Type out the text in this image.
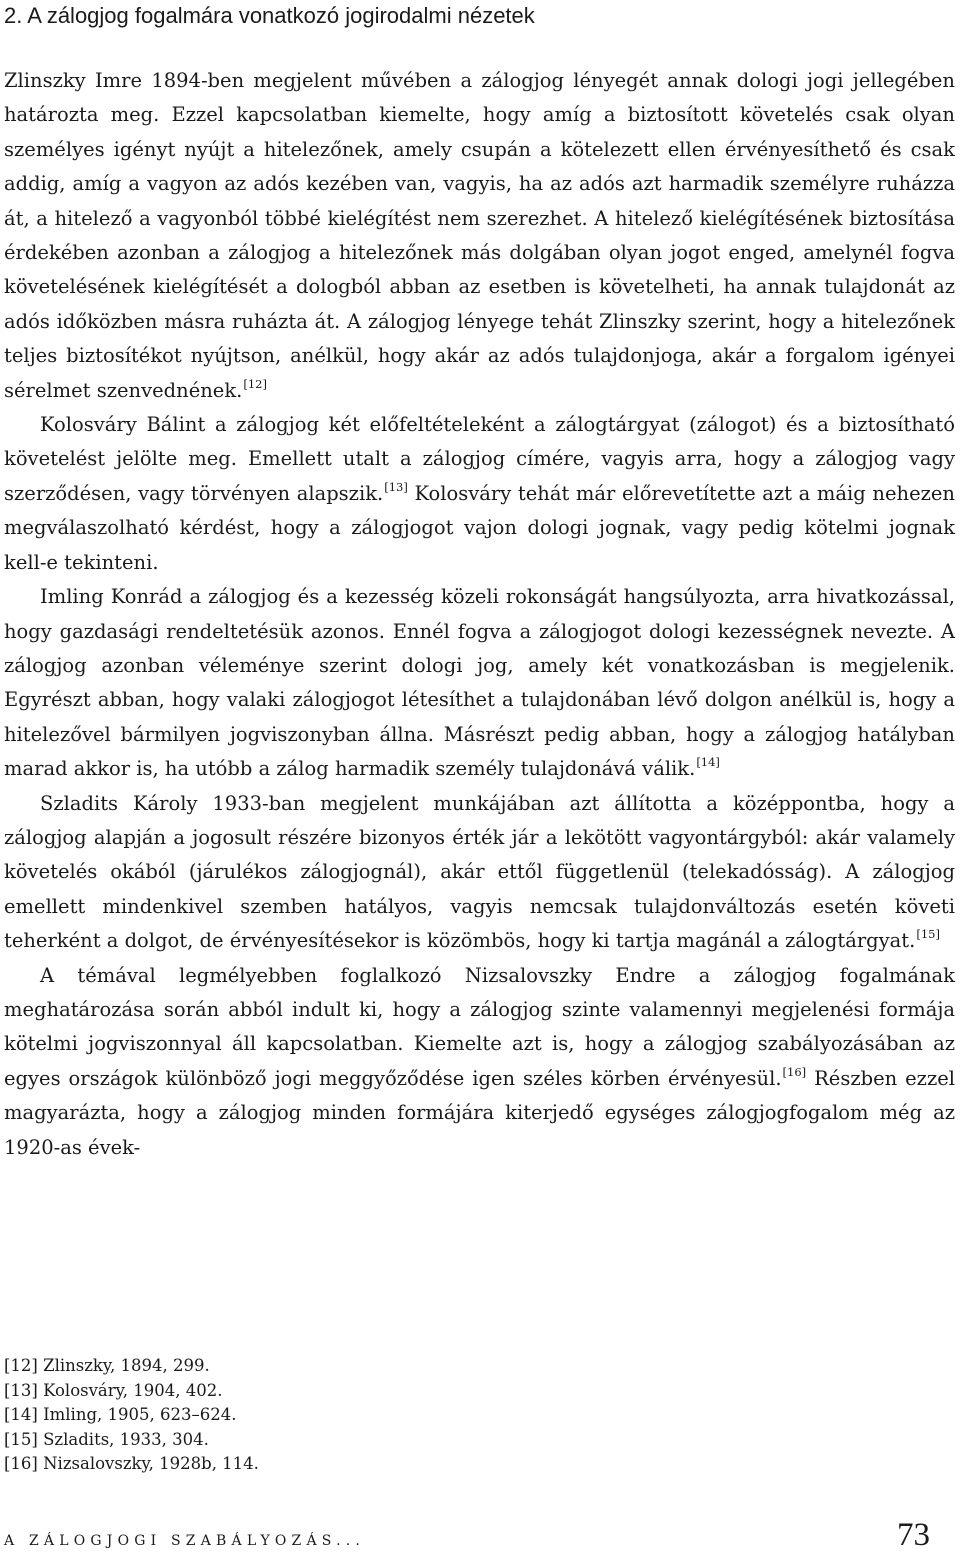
2. A zálogjog fogalmára vonatkozó jogirodalmi nézetek

Zlinszky Imre 1894-ben megjelent művében a zálogjog lényegét annak dologi jogi jellegében határozta meg. Ezzel kapcsolatban kiemelte, hogy amíg a biztosított követelés csak olyan személyes igényt nyújt a hitelezőnek, amely csupán a kötelezett ellen érvényesíthető és csak addig, amíg a vagyon az adós kezében van, vagyis, ha az adós azt harmadik személyre ruházza át, a hitelező a vagyonból többé kielégítést nem szerezhet. A hitelező kielégítésének biztosítása érdekében azonban a zálogjog a hitelezőnek más dolgában olyan jogot enged, amelynél fogva követelésének kielégítését a dologból abban az esetben is követelheti, ha annak tulajdonát az adós időközben másra ruházta át. A zálogjog lényege tehát Zlinszky szerint, hogy a hitelezőnek teljes biztosítékot nyújtson, anélkül, hogy akár az adós tulajdonjoga, akár a forgalom igényei sérelmet szenvednének.[12]

Kolosváry Bálint a zálogjog két előfeltételeként a zálogtárgyat (zálogot) és a biztosítható követelést jelölte meg. Emellett utalt a zálogjog címére, vagyis arra, hogy a zálogjog vagy szerződésen, vagy törvényen alapszik.[13] Kolosváry tehát már előrevetítette azt a máig nehezen megválaszolható kérdést, hogy a zálogjogot vajon dologi jognak, vagy pedig kötelmi jognak kell-e tekinteni.

Imling Konrád a zálogjog és a kezesség közeli rokonságát hangsúlyozta, arra hivatkozással, hogy gazdasági rendeltetésük azonos. Ennél fogva a zálogjogot dologi kezességnek nevezte. A zálogjog azonban véleménye szerint dologi jog, amely két vonatkozásban is megjelenik. Egyrészt abban, hogy valaki zálogjogot létesíthet a tulajdonában lévő dolgon anélkül is, hogy a hitelezővel bármilyen jogviszonyban állna. Másrészt pedig abban, hogy a zálogjog hatályban marad akkor is, ha utóbb a zálog harmadik személy tulajdonává válik.[14]

Szladits Károly 1933-ban megjelent munkájában azt állította a középpontba, hogy a zálogjog alapján a jogosult részére bizonyos érték jár a lekötött vagyontárgyból: akár valamely követelés okából (járulékos zálogjognál), akár ettől függetlenül (telekadósság). A zálogjog emellett mindenkivel szemben hatályos, vagyis nemcsak tulajdonváltozás esetén követi teherként a dolgot, de érvényesítésekor is közömbös, hogy ki tartja magánál a zálogtárgyat.[15]

A témával legmélyebben foglalkozó Nizsalovszky Endre a zálogjog fogalmának meghatározása során abból indult ki, hogy a zálogjog szinte valamennyi megjelenési formája kötelmi jogviszonnyal áll kapcsolatban. Kiemelte azt is, hogy a zálogjog szabályozásában az egyes országok különböző jogi meggyőződése igen széles körben érvényesül.[16] Részben ezzel magyarázta, hogy a zálogjog minden formájára kiterjedő egységes zálogjogfogalom még az 1920-as évek-

[12] Zlinszky, 1894, 299.
[13] Kolosváry, 1904, 402.
[14] Imling, 1905, 623–624.
[15] Szladits, 1933, 304.
[16] Nizsalovszky, 1928b, 114.
A ZÁLOGJOGI SZABÁLYOZÁS...	73
